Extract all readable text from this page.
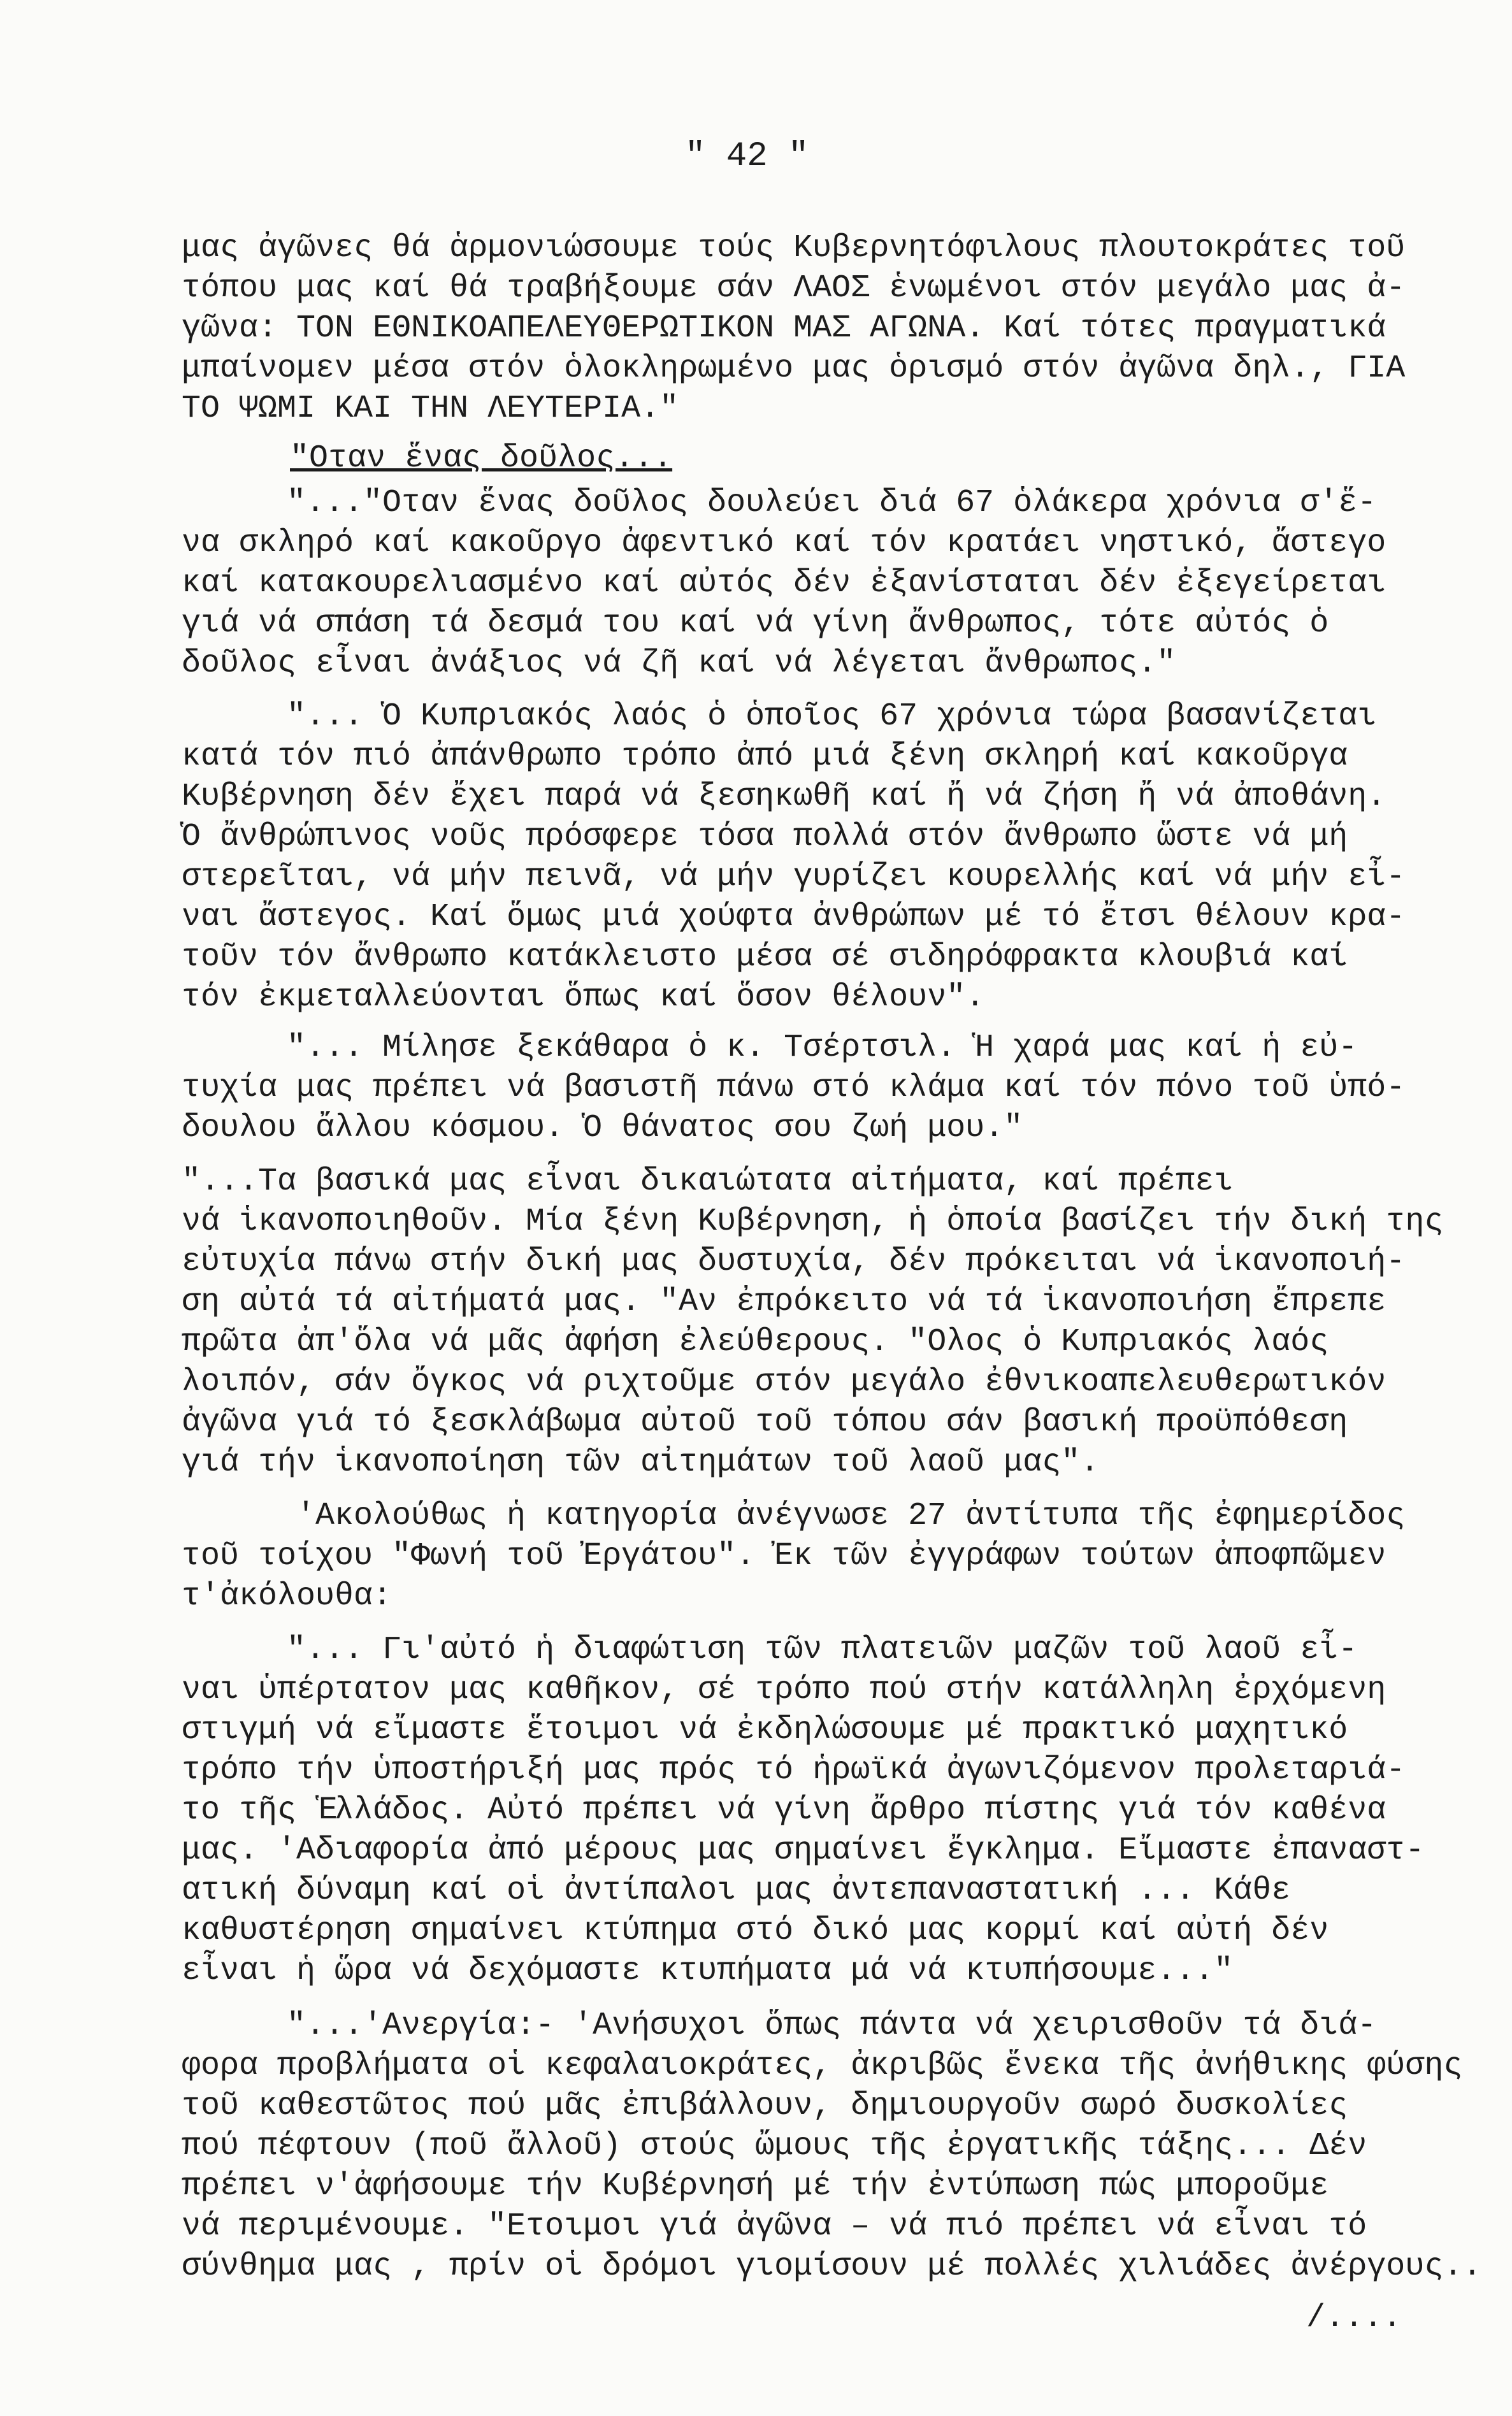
" 42 "
μας ἀγῶνες θά ἁρμονιώσουμε τούς Κυβερνητόφιλους πλουτοκράτες τοῦ
τόπου μας καί θά τραβήξουμε σάν ΛΑΟΣ ἑνωμένοι στόν μεγάλο μας ἀ-
γῶνα: ΤΟΝ ΕΘΝΙΚΟΑΠΕΛΕΥΘΕΡΩΤΙΚΟΝ ΜΑΣ ΑΓΩΝΑ. Καί τότες πραγματικά
μπαίνομεν μέσα στόν ὁλοκληρωμένο μας ὁρισμό στόν ἀγῶνα δηλ., ΓΙΑ
ΤΟ ΨΩΜΙ ΚΑΙ ΤΗΝ ΛΕΥΤΕΡΙΑ."
"Οταν ἕνας δοῦλος...
"..."Οταν ἕνας δοῦλος δουλεύει διά 67 ὁλάκερα χρόνια σ'ἕ-
να σκληρό καί κακοῦργο ἀφεντικό καί τόν κρατάει νηστικό, ἄστεγο
καί κατακουρελιασμένο καί αὐτός δέν ἐξανίσταται δέν ἐξεγείρεται
γιά νά σπάση τά δεσμά του καί νά γίνη ἄνθρωπος, τότε αὐτός ὁ
δοῦλος εἶναι ἀνάξιος νά ζῆ καί νά λέγεται ἄνθρωπος."
"... Ὁ Κυπριακός λαός ὁ ὁποῖος 67 χρόνια τώρα βασανίζεται
κατά τόν πιό ἀπάνθρωπο τρόπο ἀπό μιά ξένη σκληρή καί κακοῦργα
Κυβέρνηση δέν ἔχει παρά νά ξεσηκωθῆ καί ἤ νά ζήση ἤ νά ἀποθάνη.
Ὁ ἄνθρώπινος νοῦς πρόσφερε τόσα πολλά στόν ἄνθρωπο ὥστε νά μή
στερεῖται, νά μήν πεινᾶ, νά μήν γυρίζει κουρελλής καί νά μήν εἶ-
ναι ἄστεγος. Καί ὅμως μιά χούφτα ἀνθρώπων μέ τό ἔτσι θέλουν κρα-
τοῦν τόν ἄνθρωπο κατάκλειστο μέσα σέ σιδηρόφρακτα κλουβιά καί
τόν ἐκμεταλλεύονται ὅπως καί ὅσον θέλουν".
"... Μίλησε ξεκάθαρα ὁ κ. Τσέρτσιλ. Ἡ χαρά μας καί ἡ εὐ-
τυχία μας πρέπει νά βασιστῆ πάνω στό κλάμα καί τόν πόνο τοῦ ὑπό-
δουλου ἄλλου κόσμου. Ὁ θάνατος σου ζωή μου."
"...Τα βασικά μας εἶναι δικαιώτατα αἰτήματα, καί πρέπει
νά ἱκανοποιηθοῦν. Μία ξένη Κυβέρνηση, ἡ ὁποία βασίζει τήν δική της
εὐτυχία πάνω στήν δική μας δυστυχία, δέν πρόκειται νά ἱκανοποιή-
ση αὐτά τά αἰτήματά μας. "Αν ἐπρόκειτο νά τά ἱκανοποιήση ἔπρεπε
πρῶτα ἀπ'ὅλα νά μᾶς ἀφήση ἐλεύθερους. "Ολος ὁ Κυπριακός λαός
λοιπόν, σάν ὄγκος νά ριχτοῦμε στόν μεγάλο ἐθνικοαπελευθερωτικόν
ἀγῶνα γιά τό ξεσκλάβωμα αὐτοῦ τοῦ τόπου σάν βασική προϋπόθεση
γιά τήν ἱκανοποίηση τῶν αἰτημάτων τοῦ λαοῦ μας".
'Ακολούθως ἡ κατηγορία ἀνέγνωσε 27 ἀντίτυπα τῆς ἐφημερίδος
τοῦ τοίχου "Φωνή τοῦ Ἐργάτου". Ἐκ τῶν ἐγγράφων τούτων ἀποφπῶμεν
τ'ἀκόλουθα:
"... Γι'αὐτό ἡ διαφώτιση τῶν πλατειῶν μαζῶν τοῦ λαοῦ εἶ-
ναι ὑπέρτατον μας καθῆκον, σέ τρόπο πού στήν κατάλληλη ἐρχόμενη
στιγμή νά εἴμαστε ἕτοιμοι νά ἐκδηλώσουμε μέ πρακτικό μαχητικό
τρόπο τήν ὑποστήριξή μας πρός τό ἡρωϊκά ἀγωνιζόμενον προλεταριά-
το τῆς Ἑλλάδος. Αὐτό πρέπει νά γίνη ἄρθρο πίστης γιά τόν καθένα
μας. 'Αδιαφορία ἀπό μέρους μας σημαίνει ἔγκλημα. Εἴμαστε ἐπαναστ-
ατική δύναμη καί οἱ ἀντίπαλοι μας ἀντεπαναστατική ... Κάθε
καθυστέρηση σημαίνει κτύπημα στό δικό μας κορμί καί αὐτή δέν
εἶναι ἡ ὥρα νά δεχόμαστε κτυπήματα μά νά κτυπήσουμε..."
"...'Ανεργία:- 'Ανήσυχοι ὅπως πάντα νά χειρισθοῦν τά διά-
φορα προβλήματα οἱ κεφαλαιοκράτες, ἀκριβῶς ἕνεκα τῆς ἀνήθικης φύσης
τοῦ καθεστῶτος πού μᾶς ἐπιβάλλουν, δημιουργοῦν σωρό δυσκολίες
πού πέφτουν (ποῦ ἄλλοῦ) στούς ὤμους τῆς ἐργατικῆς τάξης... Δέν
πρέπει ν'ἀφήσουμε τήν Κυβέρνησή μέ τήν ἐντύπωση πώς μποροῦμε
νά περιμένουμε. "Ετοιμοι γιά ἀγῶνα – νά πιό πρέπει νά εἶναι τό
σύνθημα μας , πρίν οἱ δρόμοι γιομίσουν μέ πολλές χιλιάδες ἀνέργους..
/....
